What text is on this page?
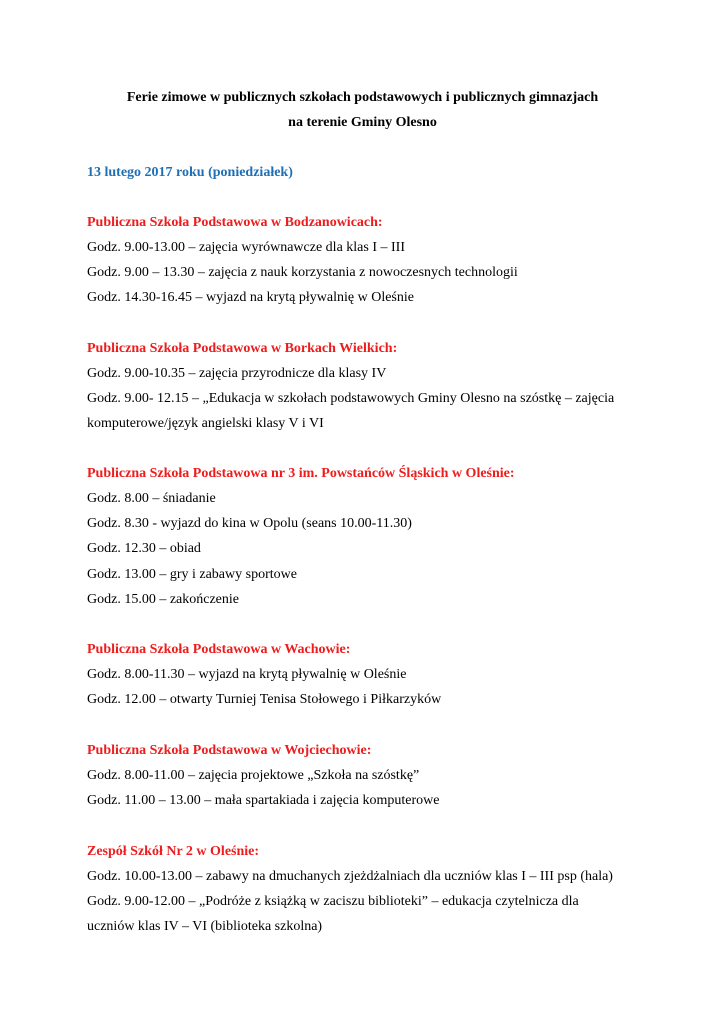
Ferie zimowe w publicznych szkołach podstawowych i publicznych gimnazjach
na terenie Gminy Olesno
13 lutego 2017 roku (poniedziałek)
Publiczna Szkoła Podstawowa w Bodzanowicach:
Godz. 9.00-13.00 – zajęcia wyrównawcze dla klas I – III
Godz. 9.00 – 13.30 – zajęcia z nauk korzystania z nowoczesnych technologii
Godz. 14.30-16.45 – wyjazd na krytą pływalnię w Oleśnie
Publiczna Szkoła Podstawowa w Borkach Wielkich:
Godz. 9.00-10.35 – zajęcia przyrodnicze dla klasy IV
Godz. 9.00- 12.15 – „Edukacja w szkołach podstawowych Gminy Olesno na szóstkę – zajęcia
komputerowe/język angielski klasy V i VI
Publiczna Szkoła Podstawowa nr 3 im. Powstańców Śląskich w Oleśnie:
Godz. 8.00 – śniadanie
Godz. 8.30 - wyjazd do kina w Opolu (seans 10.00-11.30)
Godz. 12.30 – obiad
Godz. 13.00 – gry i zabawy sportowe
Godz. 15.00 – zakończenie
Publiczna Szkoła Podstawowa w Wachowie:
Godz. 8.00-11.30 – wyjazd na krytą pływalnię w Oleśnie
Godz. 12.00 – otwarty Turniej Tenisa Stołowego i Piłkarzyków
Publiczna Szkoła Podstawowa w Wojciechowie:
Godz. 8.00-11.00 – zajęcia projektowe „Szkoła na szóstkę”
Godz. 11.00 – 13.00 – mała spartakiada i zajęcia komputerowe
Zespół Szkół Nr 2 w Oleśnie:
Godz. 10.00-13.00 – zabawy na dmuchanych zjeżdżalniach dla uczniów klas I – III psp (hala)
Godz. 9.00-12.00 – „Podróże z książką w zaciszu biblioteki” – edukacja czytelnicza dla
uczniów klas IV – VI (biblioteka szkolna)
